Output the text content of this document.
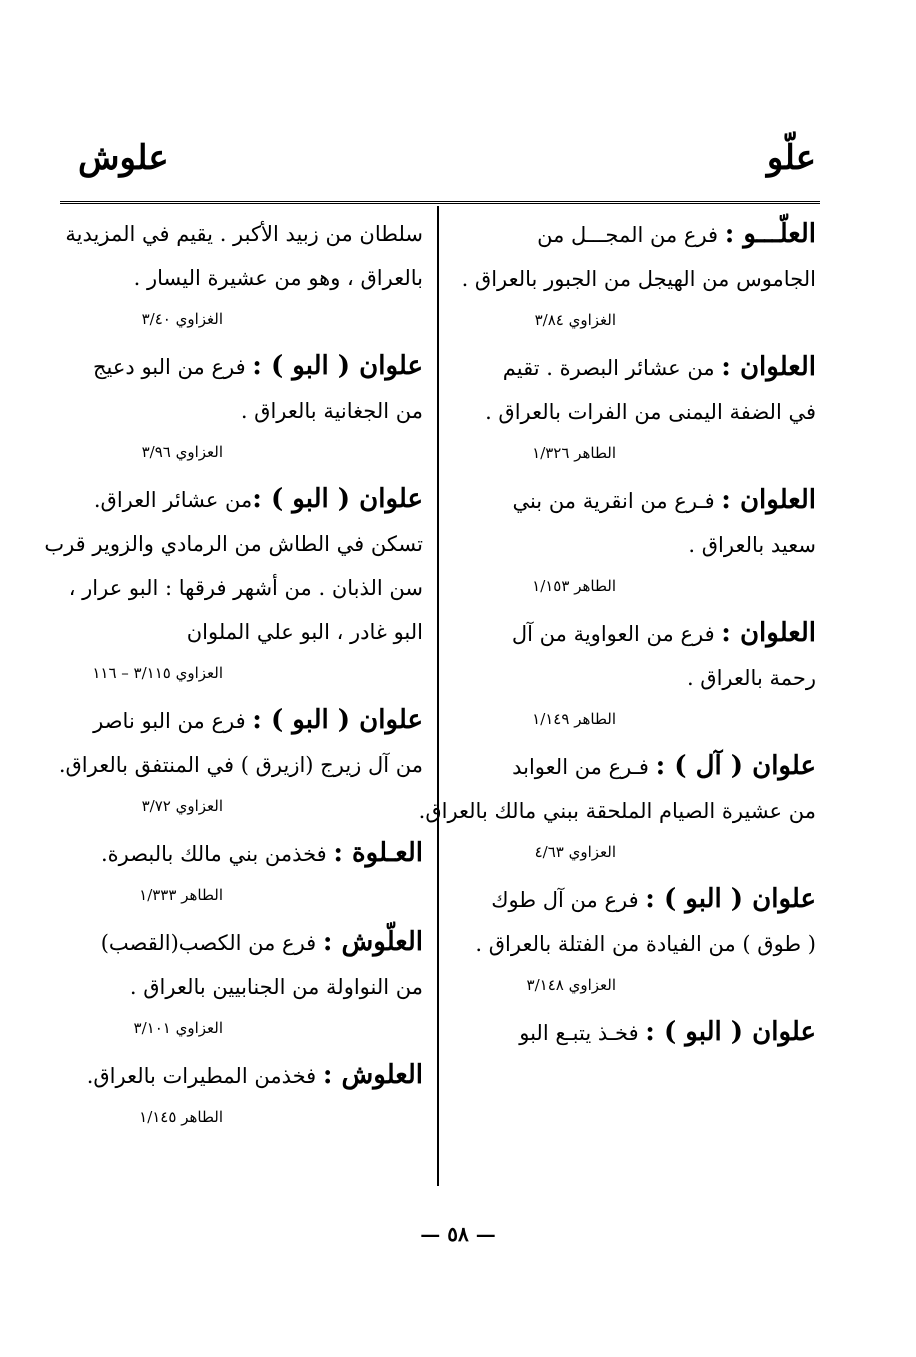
علّو
علوش
العلّـــو : فرع من المجـــل من
الجاموس من الهيجل من الجبور بالعراق .
الغزاوي ٣/٨٤
العلوان : من عشائر البصرة . تقيم
في الضفة اليمنى من الفرات بالعراق .
الطاهر ١/٣٢٦
العلوان : فـرع من انقرية من بني
سعيد بالعراق .
الطاهر ١/١٥٣
العلوان : فرع من العواوية من آل
رحمة بالعراق .
الطاهر ١/١٤٩
علوان ( آل ) : فـرع من العوابد
من عشيرة الصيام الملحقة ببني مالك بالعراق.
العزاوي ٤/٦٣
علوان ( البو ) : فرع من آل طوك
( طوق ) من الفيادة من الفتلة بالعراق .
العزاوي ٣/١٤٨
علوان ( البو ) : فخـذ يتبـع البو
سلطان من زبيد الأكبر . يقيم في المزيدية
بالعراق ، وهو من عشيرة اليسار .
الغزاوي ٣/٤٠
علوان ( البو ) : فرع من البو دعيج
من الجغانية بالعراق .
العزاوي ٣/٩٦
علوان ( البو ) :من عشائر العراق.
تسكن في الطاش من الرمادي والزوير قرب
سن الذبان . من أشهر فرقها : البو عرار ،
البو غادر ، البو علي الملوان
العزاوي ٣/١١٥ – ١١٦
علوان ( البو ) : فرع من البو ناصر
من آل زيرج (ازيرق ) في المنتفق بالعراق.
العزاوي ٣/٧٢
العـلوة : فخذمن بني مالك بالبصرة.
الطاهر ١/٣٣٣
العلّوش : فرع من الكصب(القصب)
من النواولة من الجنابيين بالعراق .
العزاوي ٣/١٠١
العلوش : فخذمن المطيرات بالعراق.
الطاهر ١/١٤٥
— ٥٨ —
